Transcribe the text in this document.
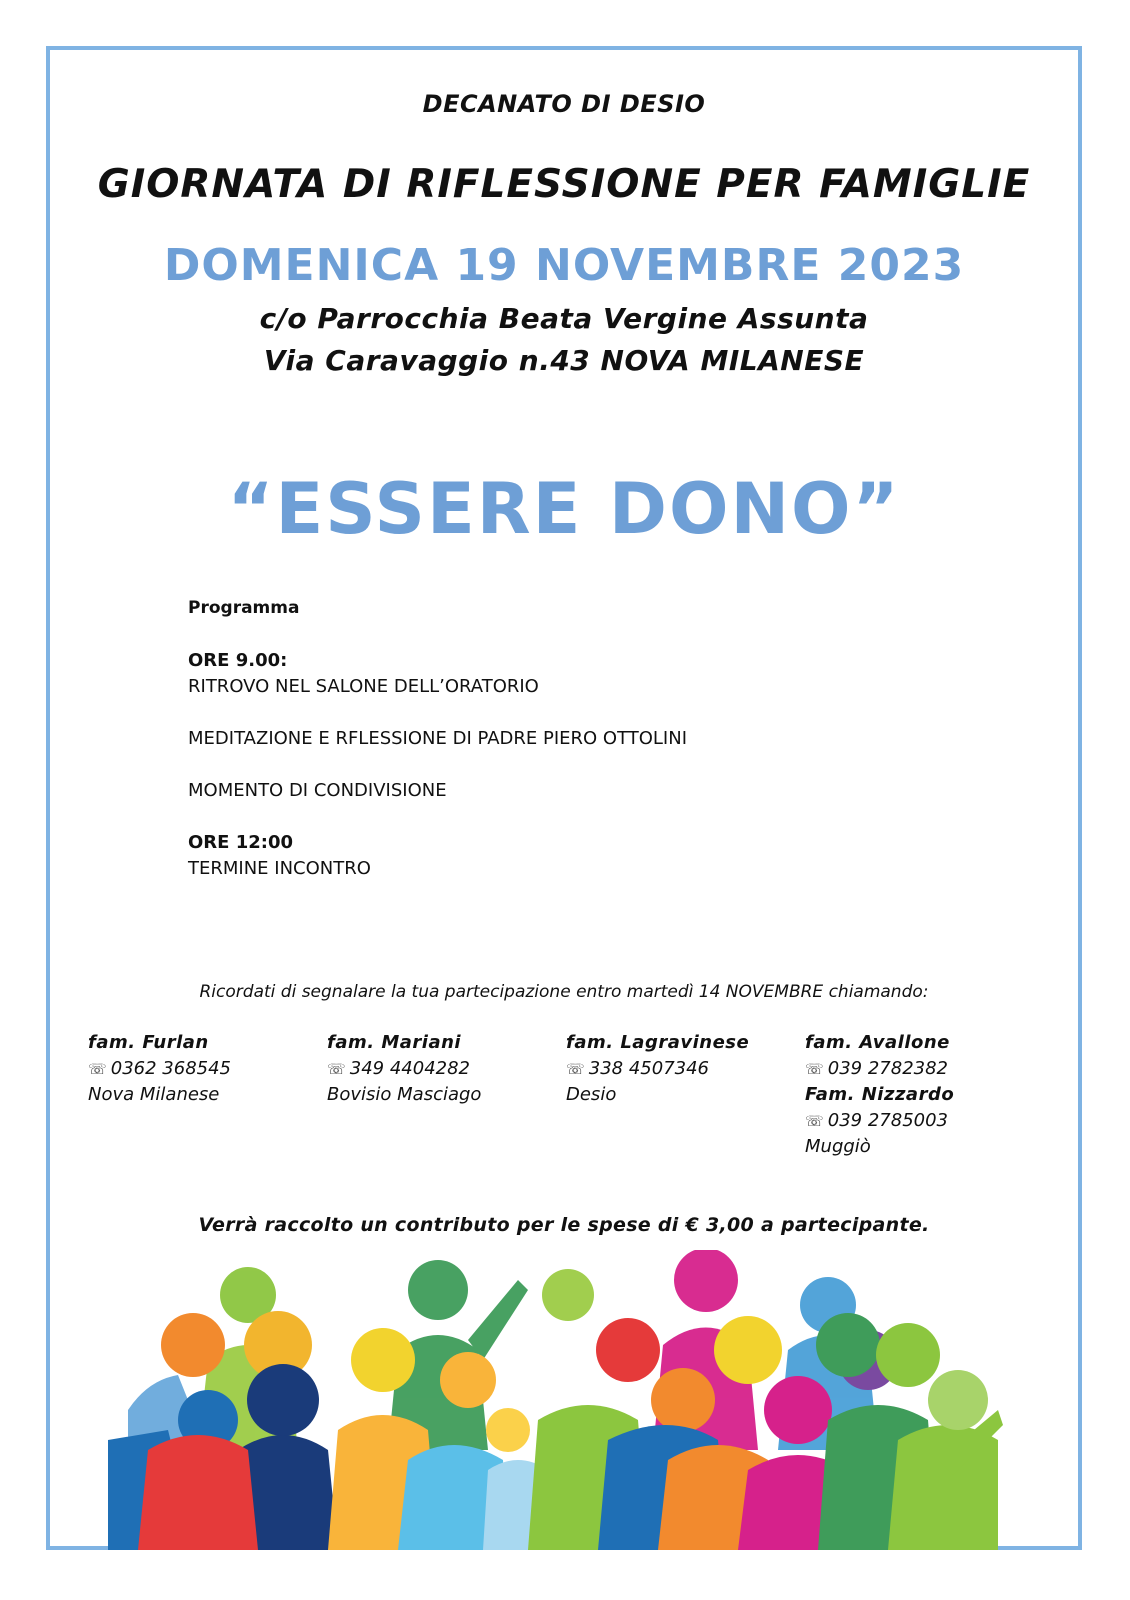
DECANATO DI DESIO
GIORNATA DI RIFLESSIONE PER FAMIGLIE
DOMENICA 19 NOVEMBRE 2023
c/o Parrocchia Beata Vergine Assunta
Via Caravaggio n.43 NOVA MILANESE
“ESSERE DONO”
Programma
ORE 9.00:
RITROVO NEL SALONE DELL’ORATORIO
MEDITAZIONE E RFLESSIONE DI PADRE PIERO OTTOLINI
MOMENTO DI CONDIVISIONE
ORE 12:00
TERMINE INCONTRO
Ricordati di segnalare la tua partecipazione entro martedì 14 NOVEMBRE chiamando:
fam. Furlan
☏ 0362 368545
Nova Milanese
fam. Mariani
☏ 349 4404282
Bovisio Masciago
fam. Lagravinese
☏ 338 4507346
Desio
fam. Avallone
☏ 039 2782382
Fam. Nizzardo
☏ 039 2785003
Muggiò
Verrà raccolto un contributo per le spese di € 3,00 a partecipante.
